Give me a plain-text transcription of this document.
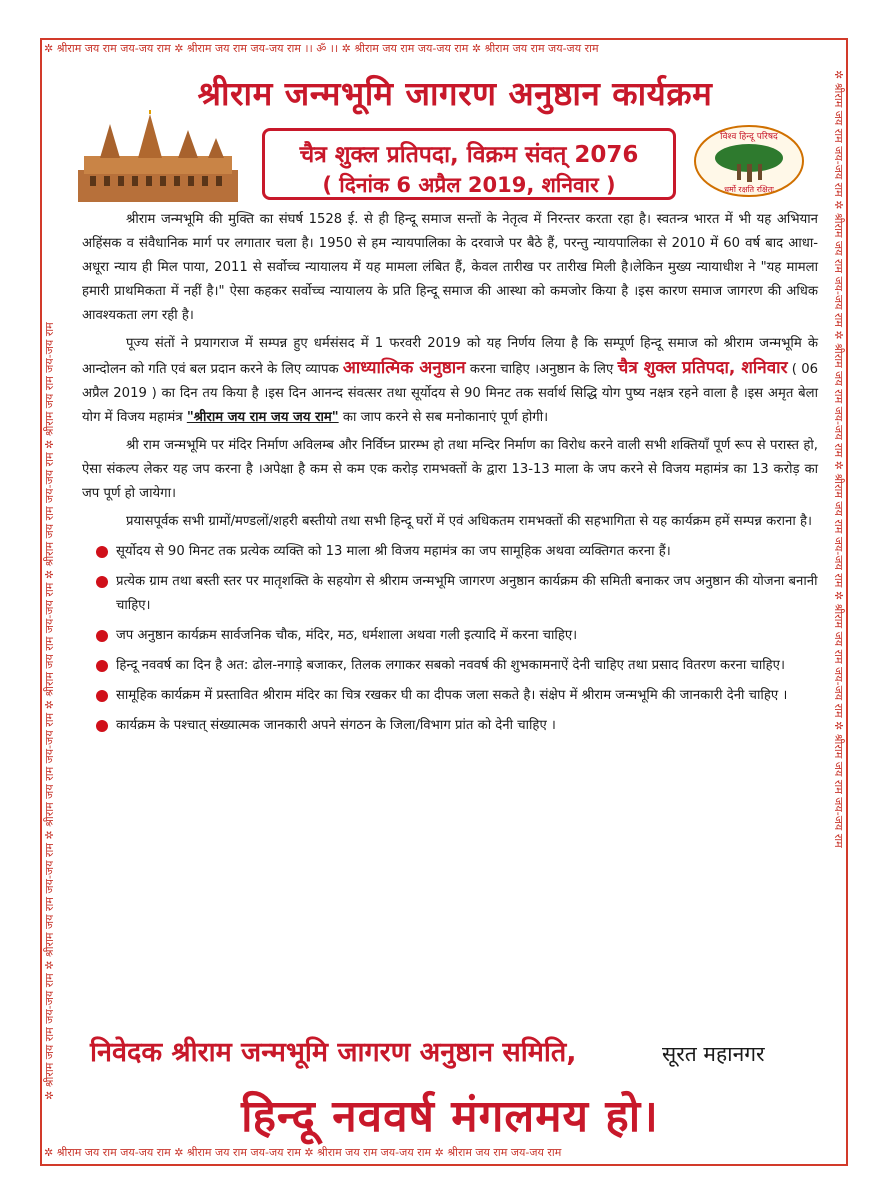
✲ श्रीराम जय राम जय-जय राम ✲ श्रीराम जय राम जय-जय राम ।। ॐ ।। ✲ श्रीराम जय राम जय-जय राम ✲ श्रीराम जय राम जय-जय राम
✲ श्रीराम जय राम जय-जय राम ✲ श्रीराम जय राम जय-जय राम ✲ श्रीराम जय राम जय-जय राम ✲ श्रीराम जय राम जय-जय राम
✲ श्रीराम जय राम जय-जय राम ✲ श्रीराम जय राम जय-जय राम ✲ श्रीराम जय राम जय-जय राम ✲ श्रीराम जय राम जय-जय राम ✲ श्रीराम जय राम जय-जय राम ✲ श्रीराम जय राम जय-जय राम	✲ श्रीराम जय राम जय-जय राम ✲ श्रीराम जय राम जय-जय राम ✲ श्रीराम जय राम जय-जय राम ✲ श्रीराम जय राम जय-जय राम ✲ श्रीराम जय राम जय-जय राम ✲ श्रीराम जय राम जय-जय राम
श्रीराम जन्मभूमि जागरण अनुष्ठान कार्यक्रम
चैत्र शुक्ल प्रतिपदा, विक्रम संवत् 2076
( दिनांक 6 अप्रैल 2019, शनिवार )
विश्व हिन्दू परिषद
धर्मो रक्षति रक्षितः

श्रीराम जन्मभूमि की मुक्ति का संघर्ष 1528 ई. से ही हिन्दू समाज सन्तों के नेतृत्व में निरन्तर करता रहा है। स्वतन्त्र भारत में भी यह अभियान अहिंसक व संवैधानिक मार्ग पर लगातार चला है। 1950 से हम न्यायपालिका के दरवाजे पर बैठे हैं, परन्तु न्यायपालिका से 2010 में 60 वर्ष बाद आधा-अधूरा न्याय ही मिल पाया, 2011 से सर्वोच्च न्यायालय में यह मामला लंबित हैं, केवल तारीख पर तारीख मिली है।लेकिन मुख्य न्यायाधीश ने "यह मामला हमारी प्राथमिकता में नहीं है।" ऐसा कहकर सर्वोच्च न्यायालय के प्रति हिन्दू समाज की आस्था को कमजोर किया है ।इस कारण समाज जागरण की अधिक आवश्यकता लग रही है।

पूज्य संतों ने प्रयागराज में सम्पन्न हुए धर्मसंसद में 1 फरवरी 2019 को यह निर्णय लिया है कि सम्पूर्ण हिन्दू समाज को श्रीराम जन्मभूमि के आन्दोलन को गति एवं बल प्रदान करने के लिए व्यापक आध्यात्मिक अनुष्ठान करना चाहिए ।अनुष्ठान के लिए चैत्र शुक्ल प्रतिपदा, शनिवार ( 06 अप्रैल 2019 ) का दिन तय किया है ।इस दिन आनन्द संवत्सर तथा सूर्योदय से 90 मिनट तक सर्वार्थ सिद्धि योग पुष्य नक्षत्र रहने वाला है ।इस अमृत बेला योग में विजय महामंत्र "श्रीराम जय राम जय जय राम" का जाप करने से सब मनोकानाएं पूर्ण होगी।

श्री राम जन्मभूमि पर मंदिर निर्माण अविलम्ब और निर्विघ्न प्रारम्भ हो तथा मन्दिर निर्माण का विरोध करने वाली सभी शक्तियाँ पूर्ण रूप से परास्त हो, ऐसा संकल्प लेकर यह जप करना है ।अपेक्षा है कम से कम एक करोड़ रामभक्तों के द्वारा 13-13 माला के जप करने से विजय महामंत्र का 13 करोड़ का जप पूर्ण हो जायेगा।

प्रयासपूर्वक सभी ग्रामों/मण्डलों/शहरी बस्तीयो तथा सभी हिन्दू घरों में एवं अधिकतम रामभक्तों की सहभागिता से यह कार्यक्रम हमें सम्पन्न कराना है।

सूर्योदय से 90 मिनट तक प्रत्येक व्यक्ति को 13 माला श्री विजय महामंत्र का जप सामूहिक अथवा व्यक्तिगत करना हैं।
प्रत्येक ग्राम तथा बस्ती स्तर पर मातृशक्ति के सहयोग से श्रीराम जन्मभूमि जागरण अनुष्ठान कार्यक्रम की समिती बनाकर जप अनुष्ठान की योजना बनानी चाहिए।
जप अनुष्ठान कार्यक्रम सार्वजनिक चौक, मंदिर, मठ, धर्मशाला अथवा गली इत्यादि में करना चाहिए।
हिन्दू नववर्ष का दिन है अत: ढोल-नगाड़े बजाकर, तिलक लगाकर सबको नववर्ष की शुभकामनाऐं देनी चाहिए तथा प्रसाद वितरण करना चाहिए।
सामूहिक कार्यक्रम में प्रस्तावित श्रीराम मंदिर का चित्र रखकर घी का दीपक जला सकते है। संक्षेप में श्रीराम जन्मभूमि की जानकारी देनी चाहिए ।
कार्यक्रम के पश्चात् संख्यात्मक जानकारी अपने संगठन के जिला/विभाग प्रांत को देनी चाहिए ।
निवेदक श्रीराम जन्मभूमि जागरण अनुष्ठान समिति,	सूरत महानगर
हिन्दू नववर्ष मंगलमय हो।
